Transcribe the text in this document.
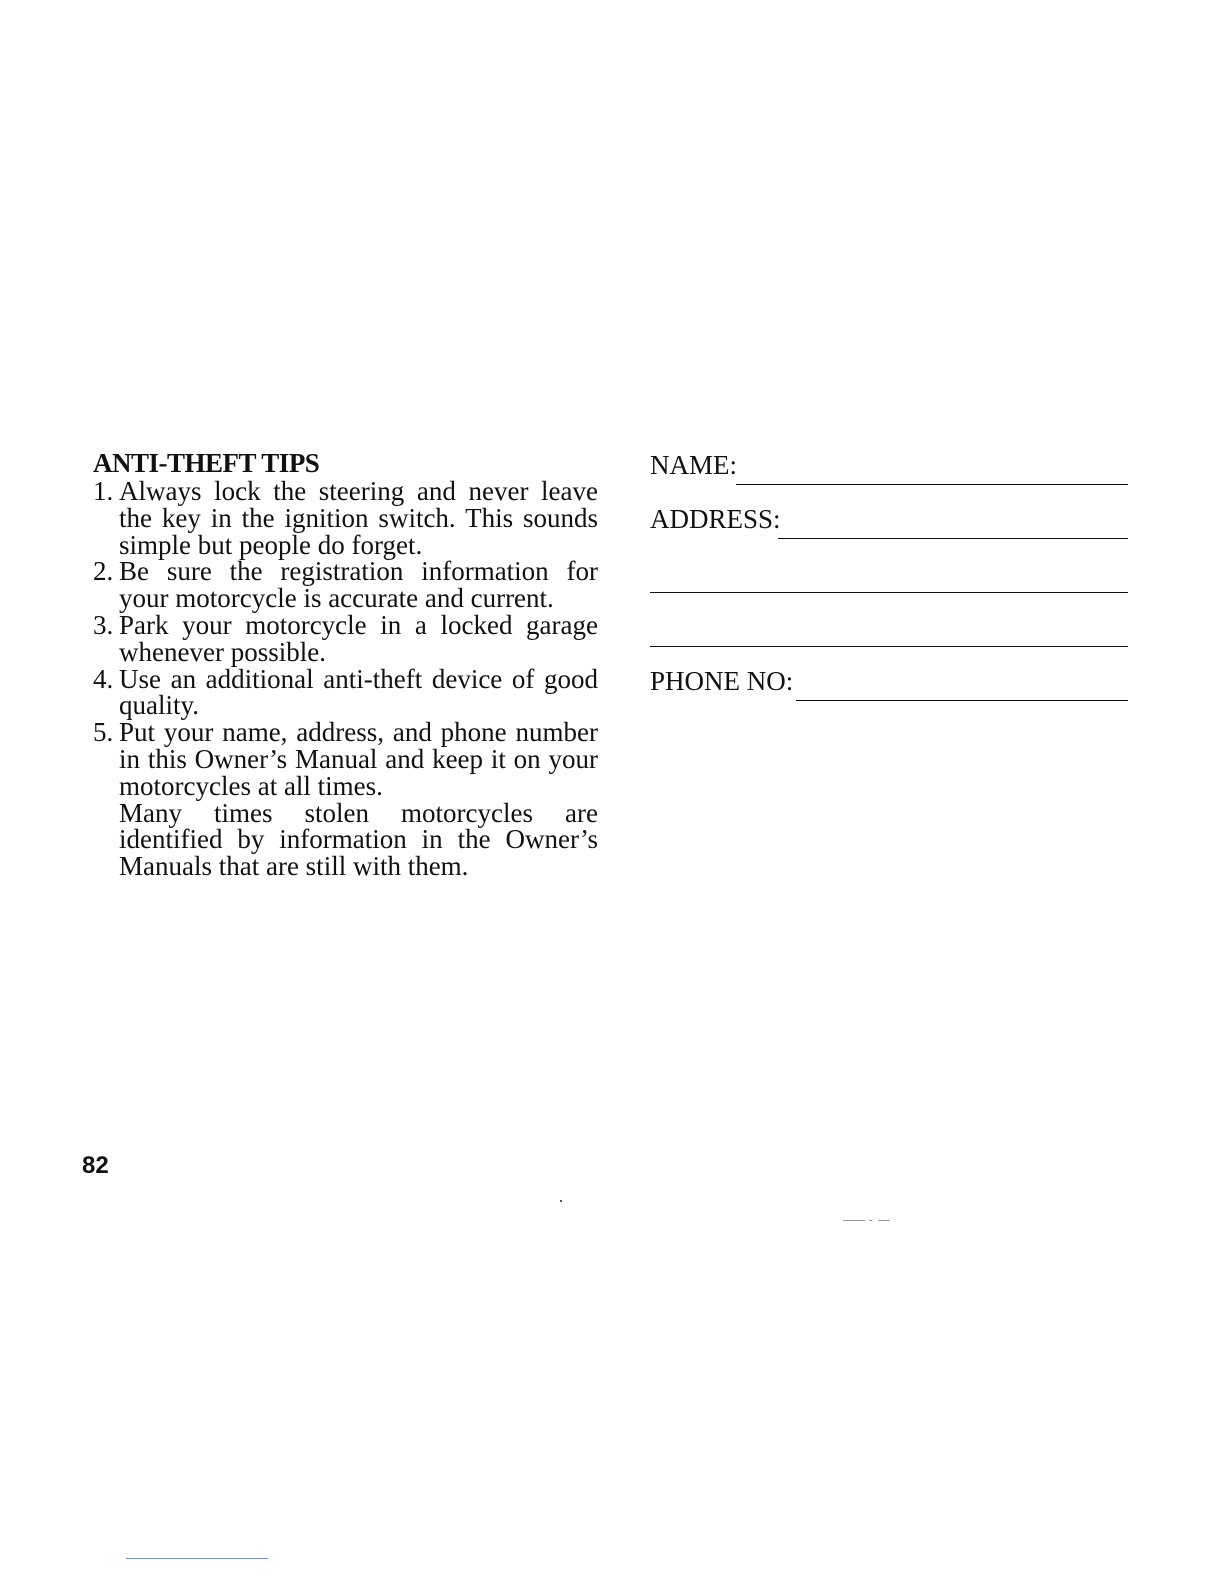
ANTI-THEFT TIPS
1. Always lock the steering and never leave the key in the ignition switch. This sounds simple but people do forget.
2. Be sure the registration information for your motorcycle is accurate and current.
3. Park your motorcycle in a locked garage whenever possible.
4. Use an additional anti-theft device of good quality.
5. Put your name, address, and phone number in this Owner’s Manual and keep it on your motorcycles at all times.
Many times stolen motorcycles are identified by information in the Owner’s Manuals that are still with them.
NAME:
ADDRESS:
PHONE NO:
82
